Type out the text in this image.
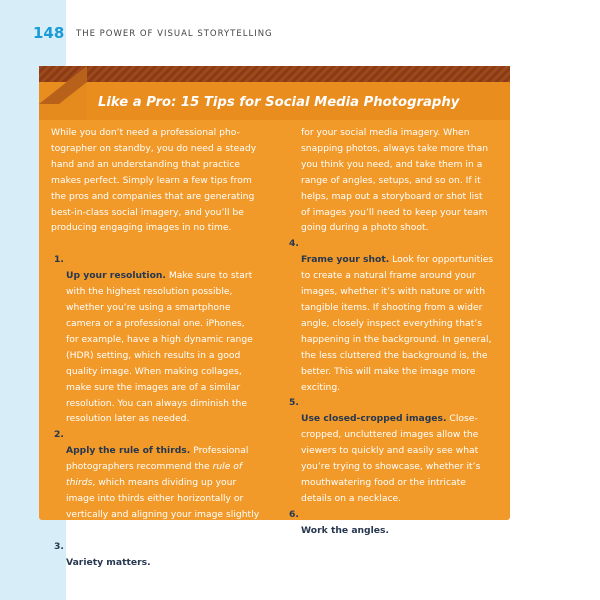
148 THE POWER OF VISUAL STORYTELLING
Like a Pro: 15 Tips for Social Media Photography

While you don’t need a professional pho-
tographer on standby, you do need a steady
hand and an understanding that practice
makes perfect. Simply learn a few tips from
the pros and companies that are generating
best-in-class social imagery, and you’ll be
producing engaging images in no time.

1.
Up your resolution. Make sure to start
with the highest resolution possible,
whether you’re using a smartphone
camera or a professional one. iPhones,
for example, have a high dynamic range
(HDR) setting, which results in a good
quality image. When making collages,
make sure the images are of a similar
resolution. You can always diminish the
resolution later as needed.

2.
Apply the rule of thirds. Professional
photographers recommend the rule of
thirds, which means dividing up your
image into thirds either horizontally or
vertically and aligning your image slightly
off center to make it more engaging.

3.
Variety matters. They say variety is the
spice of life, a mantra that rings true

for your social media imagery. When
snapping photos, always take more than
you think you need, and take them in a
range of angles, setups, and so on. If it
helps, map out a storyboard or shot list
of images you’ll need to keep your team
going during a photo shoot.

4.
Frame your shot. Look for opportunities
to create a natural frame around your
images, whether it’s with nature or with
tangible items. If shooting from a wider
angle, closely inspect everything that’s
happening in the background. In general,
the less cluttered the background is, the
better. This will make the image more
exciting.

5.
Use closed-cropped images. Close-
cropped, uncluttered images allow the
viewers to quickly and easily see what
you’re trying to showcase, whether it’s
mouthwatering food or the intricate
details on a necklace.

6.
Work the angles. Whether you’re point-
ing up, down, straight on, to the left,
or to the right, experiment with angling
your images. A photo may become more
